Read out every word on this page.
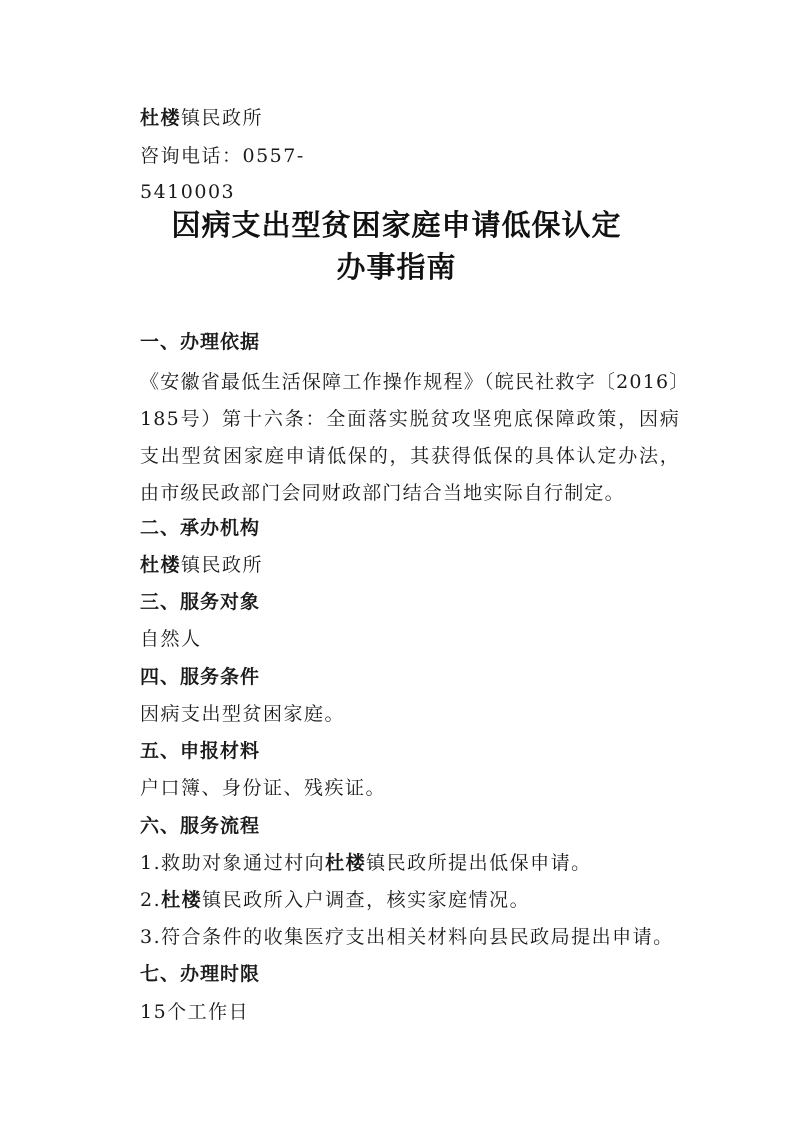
杜楼镇民政所
咨询电话：0557-
5410003
因病支出型贫困家庭申请低保认定
办事指南
一、办理依据
《安徽省最低生活保障工作操作规程》（皖民社救字〔2016〕185号）第十六条：全面落实脱贫攻坚兜底保障政策，因病支出型贫困家庭申请低保的，其获得低保的具体认定办法，由市级民政部门会同财政部门结合当地实际自行制定。
二、承办机构
杜楼镇民政所
三、服务对象
自然人
四、服务条件
因病支出型贫困家庭。
五、申报材料
户口簿、身份证、残疾证。
六、服务流程
1.救助对象通过村向杜楼镇民政所提出低保申请。
2.杜楼镇民政所入户调查，核实家庭情况。
3.符合条件的收集医疗支出相关材料向县民政局提出申请。
七、办理时限
15个工作日
